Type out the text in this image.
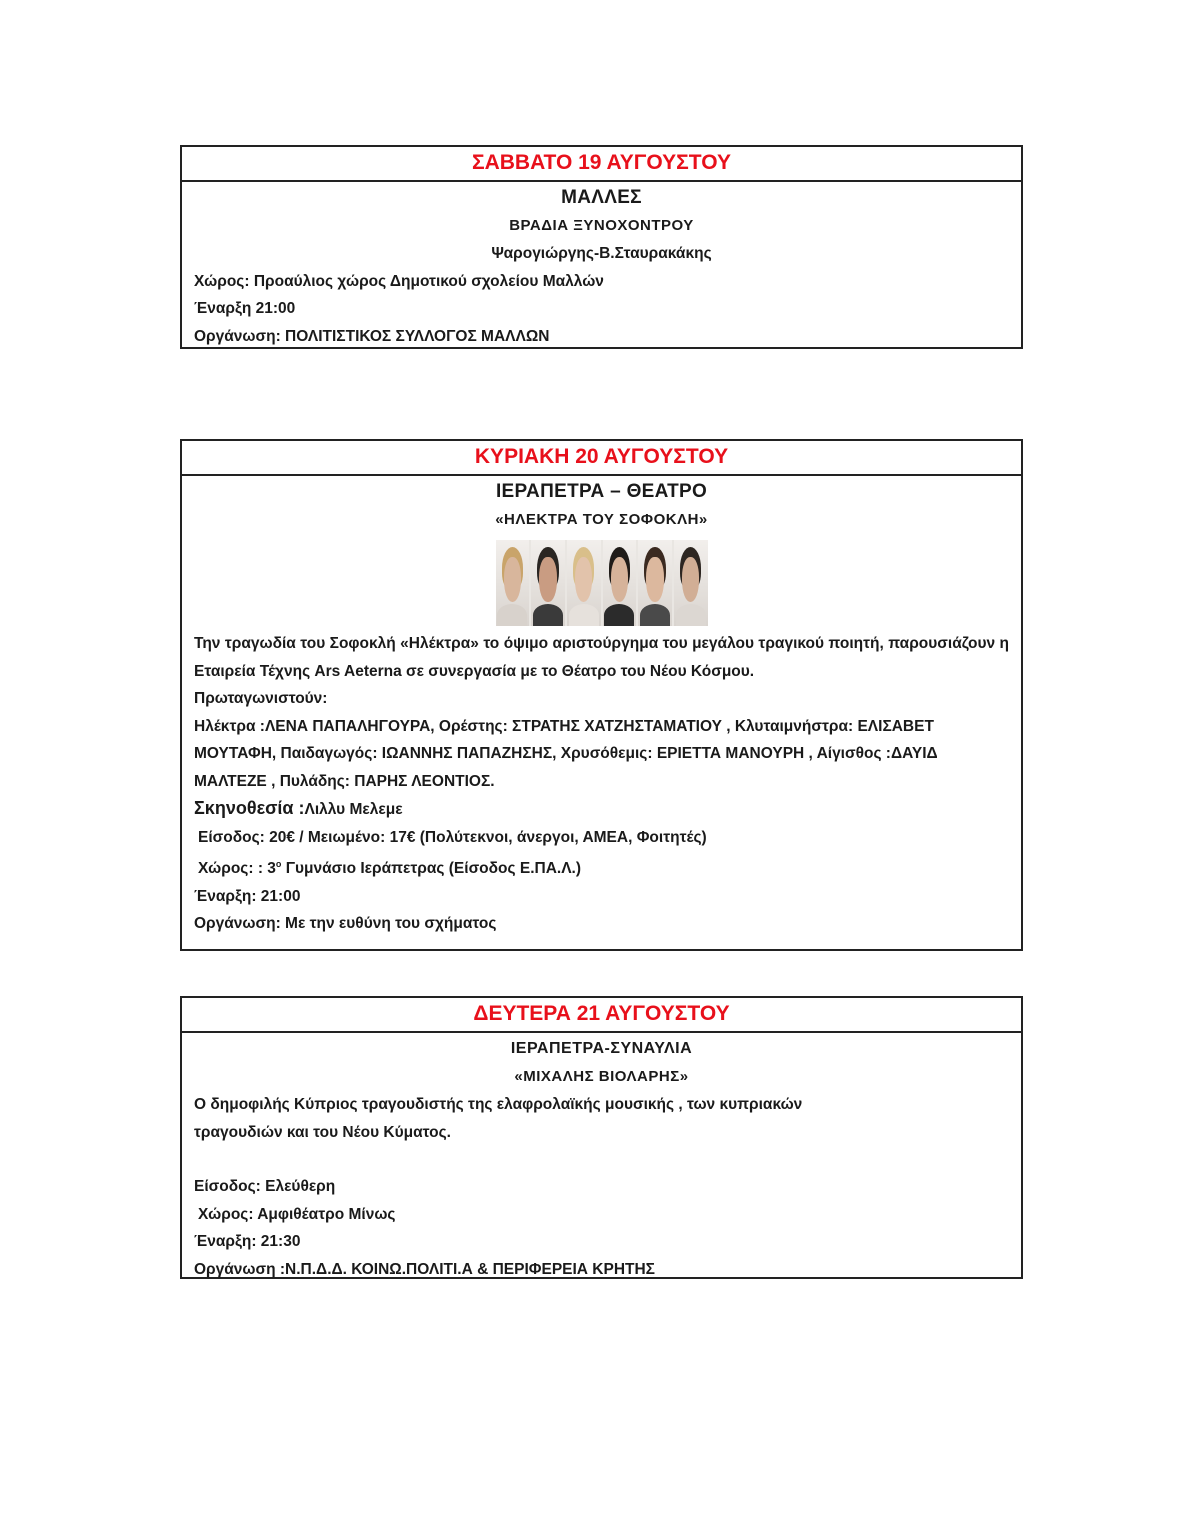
ΣΑΒΒΑΤΟ 19 ΑΥΓΟΥΣΤΟΥ
ΜΑΛΛΕΣ
ΒΡΑΔΙΑ ΞΥΝΟΧΟΝΤΡΟΥ
Ψαρογιώργης-Β.Σταυρακάκης
Χώρος: Προαύλιος χώρος Δημοτικού σχολείου Μαλλών
Έναρξη 21:00
Οργάνωση: ΠΟΛΙΤΙΣΤΙΚΟΣ ΣΥΛΛΟΓΟΣ ΜΑΛΛΩΝ
ΚΥΡΙΑΚΗ 20 ΑΥΓΟΥΣΤΟΥ
ΙΕΡΑΠΕΤΡΑ – ΘΕΑΤΡΟ
«ΗΛΕΚΤΡΑ ΤΟΥ ΣΟΦΟΚΛΗ»
Την τραγωδία του Σοφοκλή «Ηλέκτρα» το όψιμο αριστούργημα του μεγάλου τραγικού ποιητή, παρουσιάζουν η Εταιρεία Τέχνης Ars Aeterna σε συνεργασία με το Θέατρο του Νέου Κόσμου.
Πρωταγωνιστούν:
Ηλέκτρα :ΛΕΝΑ ΠΑΠΑΛΗΓΟΥΡΑ, Ορέστης: ΣΤΡΑΤΗΣ ΧΑΤΖΗΣΤΑΜΑΤΙΟΥ , Κλυταιμνήστρα: ΕΛΙΣΑΒΕΤ ΜΟΥΤΑΦΗ, Παιδαγωγός: ΙΩΑΝΝΗΣ ΠΑΠΑΖΗΣΗΣ, Χρυσόθεμις: ΕΡΙΕΤΤΑ ΜΑΝΟΥΡΗ , Αίγισθος :ΔΑΥΙΔ ΜΑΛΤΕΖΕ , Πυλάδης: ΠΑΡΗΣ ΛΕΟΝΤΙΟΣ.
Σκηνοθεσία :Λιλλυ Μελεμε
Είσοδος: 20€ / Μειωμένο: 17€ (Πολύτεκνοι, άνεργοι, ΑΜΕΑ, Φοιτητές)
Χώρος: : $3^o$ Γυμνάσιο Ιεράπετρας (Είσοδος Ε.ΠΑ.Λ.)
Έναρξη: 21:00
Οργάνωση: Με την ευθύνη του σχήματος
ΔΕΥΤΕΡΑ 21 ΑΥΓΟΥΣΤΟΥ
ΙΕΡΑΠΕΤΡΑ-ΣΥΝΑΥΛΙΑ
«ΜΙΧΑΛΗΣ ΒΙΟΛΑΡΗΣ»
Ο δημοφιλής Κύπριος τραγουδιστής της ελαφρολαϊκής μουσικής , των κυπριακών
τραγουδιών και του Νέου Κύματος.
Είσοδος: Ελεύθερη
Χώρος: Αμφιθέατρο Μίνως
Έναρξη: 21:30
Οργάνωση :Ν.Π.Δ.Δ. ΚΟΙΝΩ.ΠΟΛΙΤΙ.Α & ΠΕΡΙΦΕΡΕΙΑ ΚΡΗΤΗΣ
